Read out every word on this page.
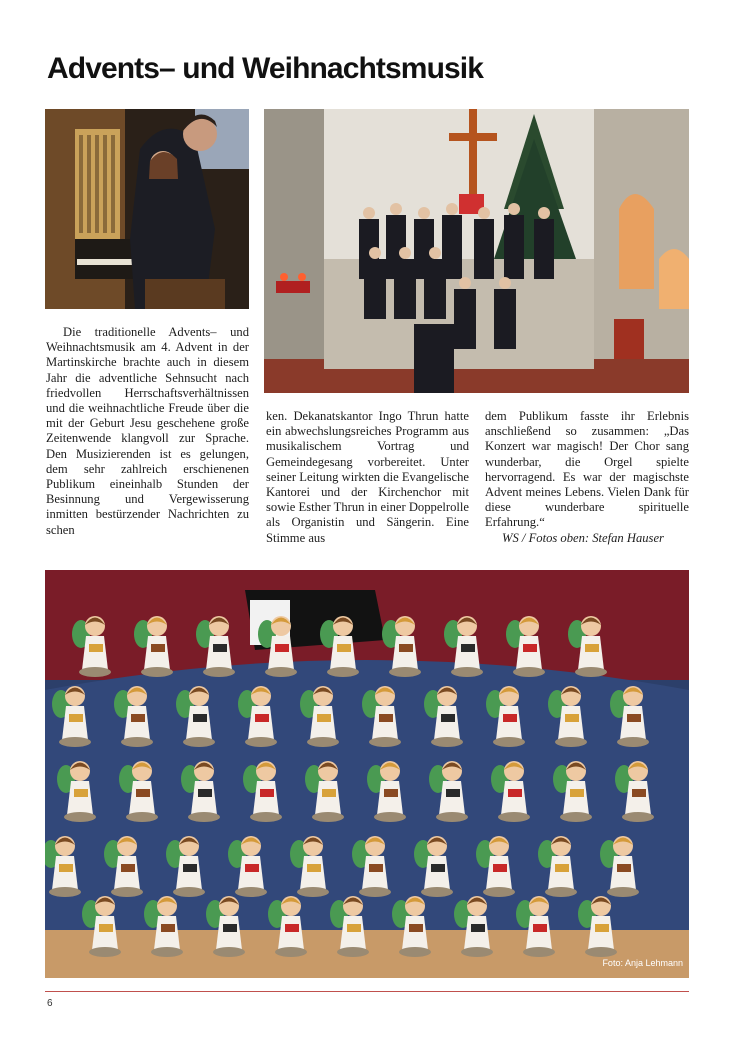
Advents– und Weihnachtsmusik

Die traditionelle Advents– und Weihnachtsmusik am 4. Advent in der Martinskirche brachte auch in diesem Jahr die adventliche Sehnsucht nach friedvollen Herrschaftsverhältnissen und die weihnachtliche Freude über die mit der Geburt Jesu geschehene große Zeitenwende klangvoll zur Sprache. Den Musizierenden ist es gelungen, dem sehr zahlreich erschienenen Publikum eineinhalb Stunden der Besinnung und Vergewisserung inmitten bestürzender Nachrichten zu schen

ken. Dekanatskantor Ingo Thrun hatte ein abwechslungsreiches Programm aus musikalischem Vortrag und Gemeindegesang vorbereitet. Unter seiner Leitung wirkten die Evangelische Kantorei und der Kirchenchor mit sowie Esther Thrun in einer Doppelrolle als Organistin und Sängerin. Eine Stimme aus

dem Publikum fasste ihr Erlebnis anschließend so zusammen: „Das Konzert war magisch! Der Chor sang wunderbar, die Orgel spielte hervorragend. Es war der magischste Advent meines Lebens. Vielen Dank für diese wunderbare spirituelle Erfahrung.“

WS / Fotos oben: Stefan Hauser

Foto: Anja Lehmann
6
